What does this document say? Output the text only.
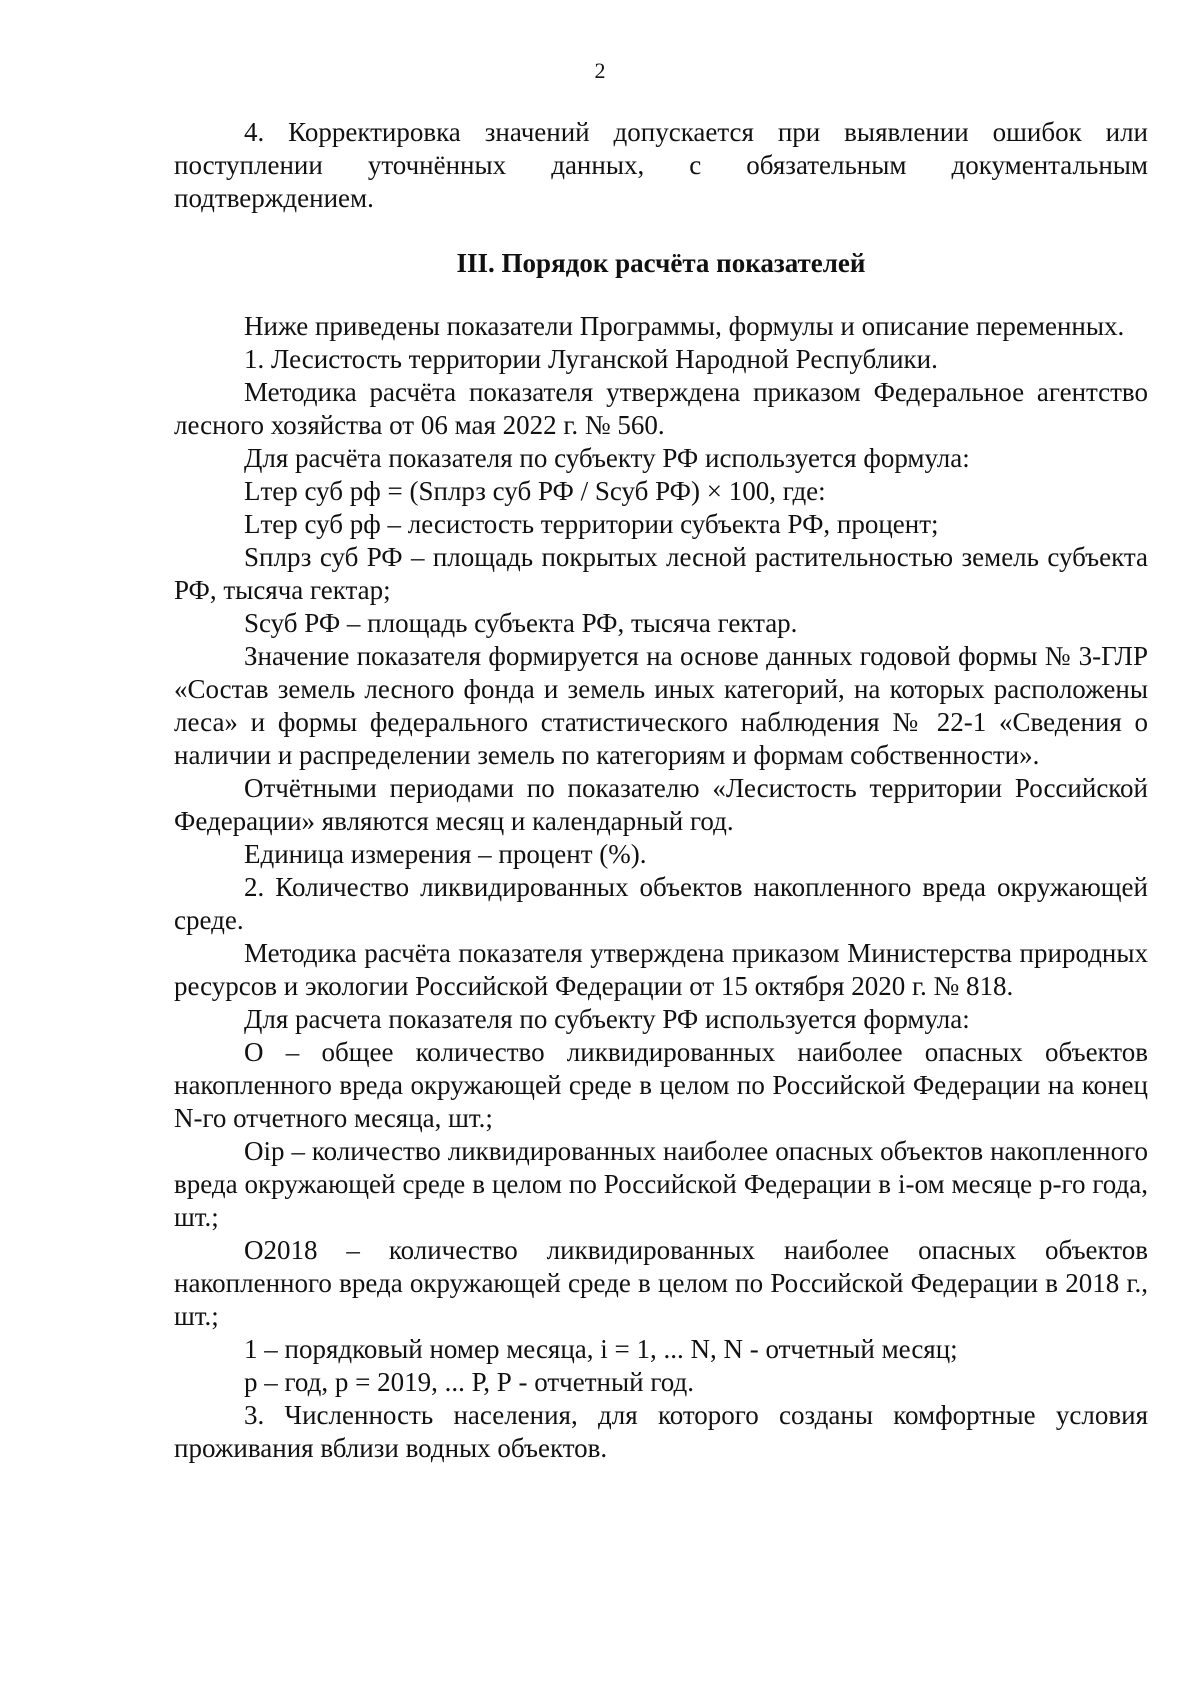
2

4. Корректировка значений допускается при выявлении ошибок или поступлении уточнённых данных, с обязательным документальным подтверждением.

III. Порядок расчёта показателей

Ниже приведены показатели Программы, формулы и описание переменных.

1. Лесистость территории Луганской Народной Республики.

Методика расчёта показателя утверждена приказом Федеральное агентство лесного хозяйства от 06 мая 2022 г. № 560.

Для расчёта показателя по субъекту РФ используется формула:

Lтер суб рф = (Sплрз суб РФ / Sсуб РФ) × 100, где:

Lтер суб рф – лесистость территории субъекта РФ, процент;

Sплрз суб РФ – площадь покрытых лесной растительностью земель субъекта РФ, тысяча гектар;

Sсуб РФ – площадь субъекта РФ, тысяча гектар.

Значение показателя формируется на основе данных годовой формы № 3-ГЛР «Состав земель лесного фонда и земель иных категорий, на которых расположены леса» и формы федерального статистического наблюдения № 22-1 «Сведения о наличии и распределении земель по категориям и формам собственности».

Отчётными периодами по показателю «Лесистость территории Российской Федерации» являются месяц и календарный год.

Единица измерения – процент (%).

2. Количество ликвидированных объектов накопленного вреда окружающей среде.

Методика расчёта показателя утверждена приказом Министерства природных ресурсов и экологии Российской Федерации от 15 октября 2020 г. № 818.

Для расчета показателя по субъекту РФ используется формула:

О – общее количество ликвидированных наиболее опасных объектов накопленного вреда окружающей среде в целом по Российской Федерации на конец N-го отчетного месяца, шт.;

Оip – количество ликвидированных наиболее опасных объектов накопленного вреда окружающей среде в целом по Российской Федерации в i-ом месяце р-го года, шт.;

О2018 – количество ликвидированных наиболее опасных объектов накопленного вреда окружающей среде в целом по Российской Федерации в 2018 г., шт.;

1 – порядковый номер месяца, i = 1, ... N, N - отчетный месяц;

р – год, р = 2019, ... Р, Р - отчетный год.

3. Численность населения, для которого созданы комфортные условия проживания вблизи водных объектов.
